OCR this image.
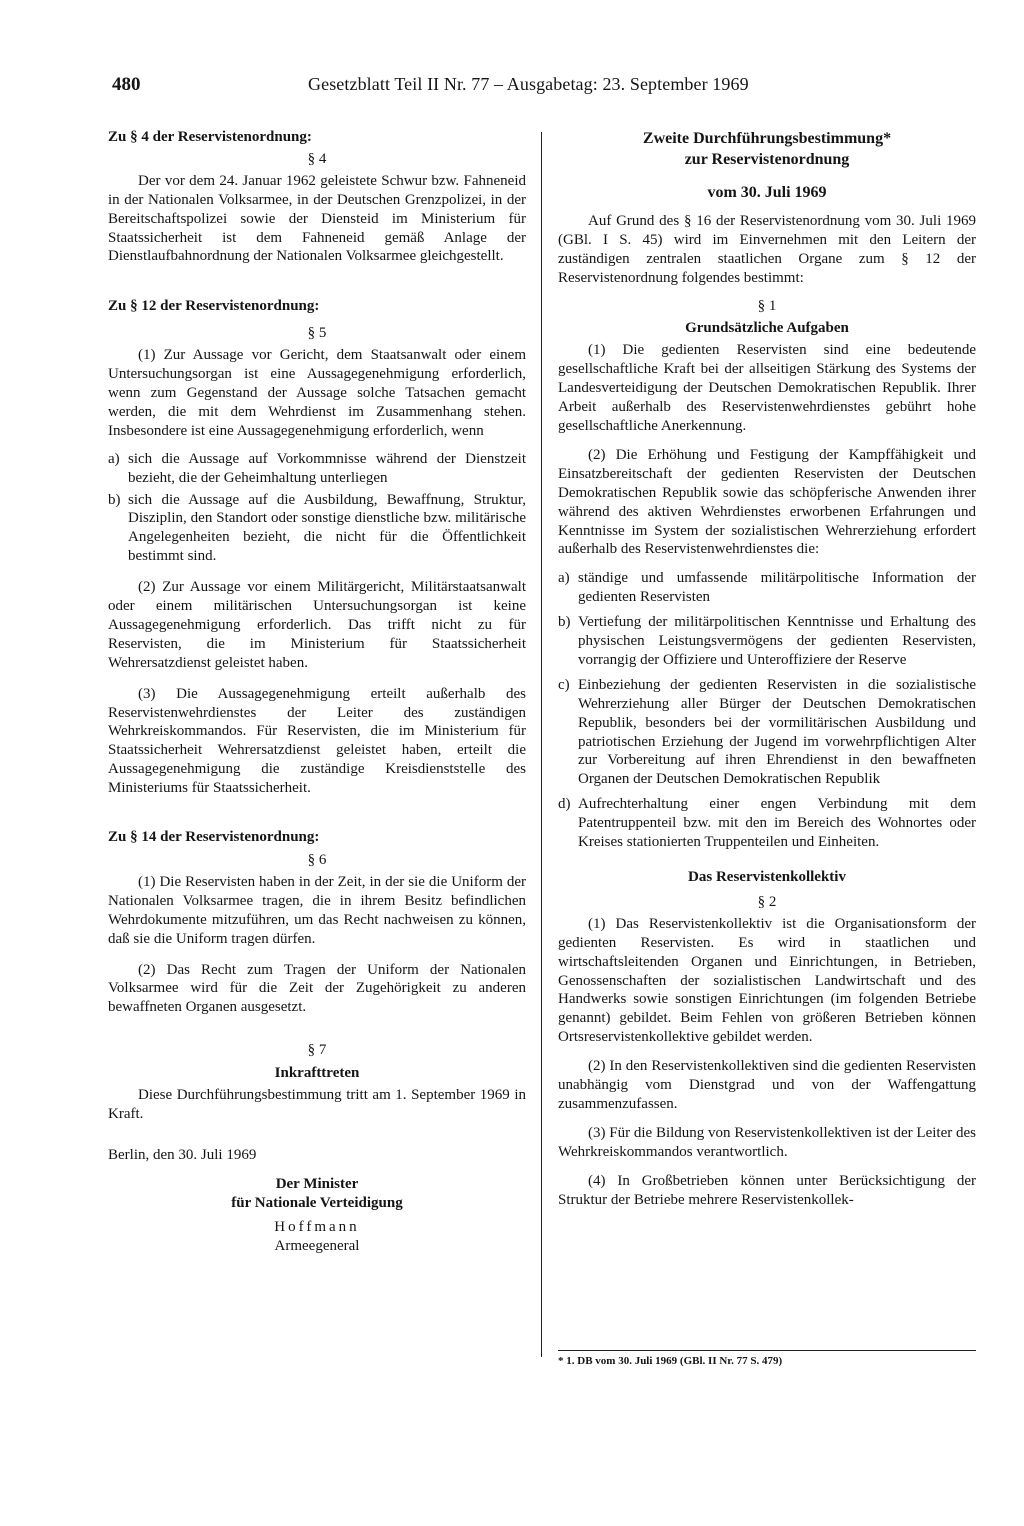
480	Gesetzblatt Teil II Nr. 77 – Ausgabetag: 23. September 1969

Zu § 4 der Reservistenordnung:

§ 4

Der vor dem 24. Januar 1962 geleistete Schwur bzw. Fahneneid in der Nationalen Volksarmee, in der Deutschen Grenzpolizei, in der Bereitschaftspolizei sowie der Diensteid im Ministerium für Staatssicherheit ist dem Fahneneid gemäß Anlage der Dienstlaufbahnordnung der Nationalen Volksarmee gleichgestellt.

Zu § 12 der Reservistenordnung:

§ 5

(1) Zur Aussage vor Gericht, dem Staatsanwalt oder einem Untersuchungsorgan ist eine Aussagegenehmigung erforderlich, wenn zum Gegenstand der Aussage solche Tatsachen gemacht werden, die mit dem Wehrdienst im Zusammenhang stehen. Insbesondere ist eine Aussagegenehmigung erforderlich, wenn

a) sich die Aussage auf Vorkommnisse während der Dienstzeit bezieht, die der Geheimhaltung unterliegen
b) sich die Aussage auf die Ausbildung, Bewaffnung, Struktur, Disziplin, den Standort oder sonstige dienstliche bzw. militärische Angelegenheiten bezieht, die nicht für die Öffentlichkeit bestimmt sind.

(2) Zur Aussage vor einem Militärgericht, Militärstaatsanwalt oder einem militärischen Untersuchungsorgan ist keine Aussagegenehmigung erforderlich. Das trifft nicht zu für Reservisten, die im Ministerium für Staatssicherheit Wehrersatzdienst geleistet haben.

(3) Die Aussagegenehmigung erteilt außerhalb des Reservistenwehrdienstes der Leiter des zuständigen Wehrkreiskommandos. Für Reservisten, die im Ministerium für Staatssicherheit Wehrersatzdienst geleistet haben, erteilt die Aussagegenehmigung die zuständige Kreisdienststelle des Ministeriums für Staatssicherheit.

Zu § 14 der Reservistenordnung:

§ 6

(1) Die Reservisten haben in der Zeit, in der sie die Uniform der Nationalen Volksarmee tragen, die in ihrem Besitz befindlichen Wehrdokumente mitzuführen, um das Recht nachweisen zu können, daß sie die Uniform tragen dürfen.

(2) Das Recht zum Tragen der Uniform der Nationalen Volksarmee wird für die Zeit der Zugehörigkeit zu anderen bewaffneten Organen ausgesetzt.

§ 7

Inkrafttreten

Diese Durchführungsbestimmung tritt am 1. September 1969 in Kraft.

Berlin, den 30. Juli 1969

Der Minister

für Nationale Verteidigung

Hoffmann

Armeegeneral

Zweite Durchführungsbestimmung*

zur Reservistenordnung

vom 30. Juli 1969

Auf Grund des § 16 der Reservistenordnung vom 30. Juli 1969 (GBl. I S. 45) wird im Einvernehmen mit den Leitern der zuständigen zentralen staatlichen Organe zum § 12 der Reservistenordnung folgendes bestimmt:

§ 1

Grundsätzliche Aufgaben

(1) Die gedienten Reservisten sind eine bedeutende gesellschaftliche Kraft bei der allseitigen Stärkung des Systems der Landesverteidigung der Deutschen Demokratischen Republik. Ihrer Arbeit außerhalb des Reservistenwehrdienstes gebührt hohe gesellschaftliche Anerkennung.

(2) Die Erhöhung und Festigung der Kampffähigkeit und Einsatzbereitschaft der gedienten Reservisten der Deutschen Demokratischen Republik sowie das schöpferische Anwenden ihrer während des aktiven Wehrdienstes erworbenen Erfahrungen und Kenntnisse im System der sozialistischen Wehrerziehung erfordert außerhalb des Reservistenwehrdienstes die:

a) ständige und umfassende militärpolitische Information der gedienten Reservisten
b) Vertiefung der militärpolitischen Kenntnisse und Erhaltung des physischen Leistungsvermögens der gedienten Reservisten, vorrangig der Offiziere und Unteroffiziere der Reserve
c) Einbeziehung der gedienten Reservisten in die sozialistische Wehrerziehung aller Bürger der Deutschen Demokratischen Republik, besonders bei der vormilitärischen Ausbildung und patriotischen Erziehung der Jugend im vorwehrpflichtigen Alter zur Vorbereitung auf ihren Ehrendienst in den bewaffneten Organen der Deutschen Demokratischen Republik
d) Aufrechterhaltung einer engen Verbindung mit dem Patentruppenteil bzw. mit den im Bereich des Wohnortes oder Kreises stationierten Truppenteilen und Einheiten.

Das Reservistenkollektiv

§ 2

(1) Das Reservistenkollektiv ist die Organisationsform der gedienten Reservisten. Es wird in staatlichen und wirtschaftsleitenden Organen und Einrichtungen, in Betrieben, Genossenschaften der sozialistischen Landwirtschaft und des Handwerks sowie sonstigen Einrichtungen (im folgenden Betriebe genannt) gebildet. Beim Fehlen von größeren Betrieben können Ortsreservistenkollektive gebildet werden.

(2) In den Reservistenkollektiven sind die gedienten Reservisten unabhängig vom Dienstgrad und von der Waffengattung zusammenzufassen.

(3) Für die Bildung von Reservistenkollektiven ist der Leiter des Wehrkreiskommandos verantwortlich.

(4) In Großbetrieben können unter Berücksichtigung der Struktur der Betriebe mehrere Reservistenkollek-

* 1. DB vom 30. Juli 1969 (GBl. II Nr. 77 S. 479)
